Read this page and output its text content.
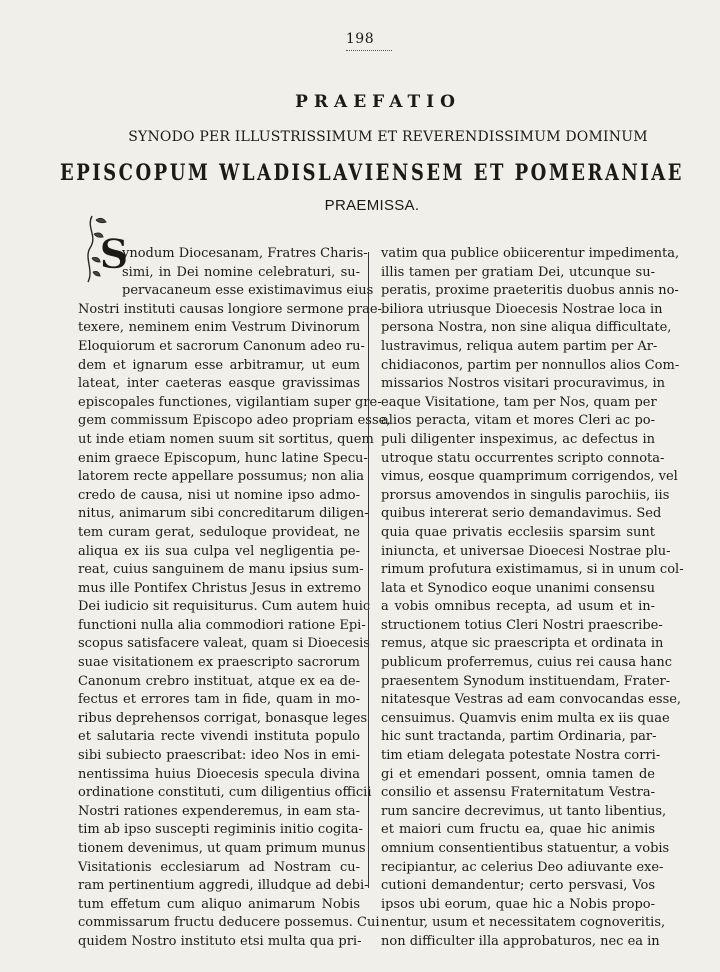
198
PRAEFATIO
SYNODO PER ILLUSTRISSIMUM ET REVERENDISSIMUM DOMINUM
EPISCOPUM WLADISLAVIENSEM ET POMERANIAE
PRAEMISSA.
S
ynodum Diocesanam, Fratres Charis-
simi, in Dei nomine celebraturi, su-
pervacaneum esse existimavimus eius
Nostri instituti causas longiore sermone prae-
texere, neminem enim Vestrum Divinorum
Eloquiorum et sacrorum Canonum adeo ru-
dem et ignarum esse arbitramur, ut eum
lateat, inter caeteras easque gravissimas
episcopales functiones, vigilantiam super gre-
gem commissum Episcopo adeo propriam esse,
ut inde etiam nomen suum sit sortitus, quem
enim graece Episcopum, hunc latine Specu-
latorem recte appellare possumus; non alia
credo de causa, nisi ut nomine ipso admo-
nitus, animarum sibi concreditarum diligen-
tem curam gerat, seduloque provideat, ne
aliqua ex iis sua culpa vel negligentia pe-
reat, cuius sanguinem de manu ipsius sum-
mus ille Pontifex Christus Jesus in extremo
Dei iudicio sit requisiturus. Cum autem huic
functioni nulla alia commodiori ratione Epi-
scopus satisfacere valeat, quam si Dioecesis
suae visitationem ex praescripto sacrorum
Canonum crebro instituat, atque ex ea de-
fectus et errores tam in fide, quam in mo-
ribus deprehensos corrigat, bonasque leges
et salutaria recte vivendi instituta populo
sibi subiecto praescribat: ideo Nos in emi-
nentissima huius Dioecesis specula divina
ordinatione constituti, cum diligentius officii
Nostri rationes expenderemus, in eam sta-
tim ab ipso suscepti regiminis initio cogita-
tionem devenimus, ut quam primum munus
Visitationis ecclesiarum ad Nostram cu-
ram pertinentium aggredi, illudque ad debi-
tum effetum cum aliquo animarum Nobis
commissarum fructu deducere possemus. Cui
quidem Nostro instituto etsi multa qua pri-
vatim qua publice obiicerentur impedimenta,
illis tamen per gratiam Dei, utcunque su-
peratis, proxime praeteritis duobus annis no-
biliora utriusque Dioecesis Nostrae loca in
persona Nostra, non sine aliqua difficultate,
lustravimus, reliqua autem partim per Ar-
chidiaconos, partim per nonnullos alios Com-
missarios Nostros visitari procuravimus, in
eaque Visitatione, tam per Nos, quam per
alios peracta, vitam et mores Cleri ac po-
puli diligenter inspeximus, ac defectus in
utroque statu occurrentes scripto connota-
vimus, eosque quamprimum corrigendos, vel
prorsus amovendos in singulis parochiis, iis
quibus intererat serio demandavimus. Sed
quia quae privatis ecclesiis sparsim sunt
iniuncta, et universae Dioecesi Nostrae plu-
rimum profutura existimamus, si in unum col-
lata et Synodico eoque unanimi consensu
a vobis omnibus recepta, ad usum et in-
structionem totius Cleri Nostri praescribe-
remus, atque sic praescripta et ordinata in
publicum proferremus, cuius rei causa hanc
praesentem Synodum instituendam, Frater-
nitatesque Vestras ad eam convocandas esse,
censuimus. Quamvis enim multa ex iis quae
hic sunt tractanda, partim Ordinaria, par-
tim etiam delegata potestate Nostra corri-
gi et emendari possent, omnia tamen de
consilio et assensu Fraternitatum Vestra-
rum sancire decrevimus, ut tanto libentius,
et maiori cum fructu ea, quae hic animis
omnium consentientibus statuentur, a vobis
recipiantur, ac celerius Deo adiuvante exe-
cutioni demandentur; certo persvasi, Vos
ipsos ubi eorum, quae hic a Nobis propo-
nentur, usum et necessitatem cognoveritis,
non difficulter illa approbaturos, nec ea in
